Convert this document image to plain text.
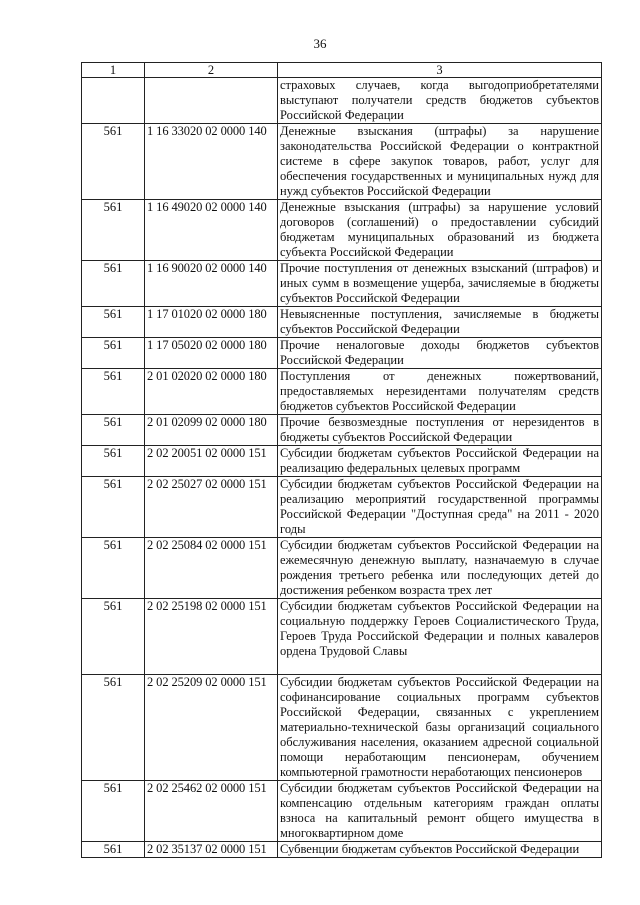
36
1	2	3
		страховых случаев, когда выгодоприобретателями выступают получатели средств бюджетов субъектов Российской Федерации
561	1 16 33020 02 0000 140	Денежные взыскания (штрафы) за нарушение законодательства Российской Федерации о контрактной системе в сфере закупок товаров, работ, услуг для обеспечения государственных и муниципальных нужд для нужд субъектов Российской Федерации
561	1 16 49020 02 0000 140	Денежные взыскания (штрафы) за нарушение условий договоров (соглашений) о предоставлении субсидий бюджетам муниципальных образований из бюджета субъекта Российской Федерации
561	1 16 90020 02 0000 140	Прочие поступления от денежных взысканий (штрафов) и иных сумм в возмещение ущерба, зачисляемые в бюджеты субъектов Российской Федерации
561	1 17 01020 02 0000 180	Невыясненные поступления, зачисляемые в бюджеты субъектов Российской Федерации
561	1 17 05020 02 0000 180	Прочие неналоговые доходы бюджетов субъектов Российской Федерации
561	2 01 02020 02 0000 180	Поступления от денежных пожертвований, предоставляемых нерезидентами получателям средств бюджетов субъектов Российской Федерации
561	2 01 02099 02 0000 180	Прочие безвозмездные поступления от нерезидентов в бюджеты субъектов Российской Федерации
561	2 02 20051 02 0000 151	Субсидии бюджетам субъектов Российской Федерации на реализацию федеральных целевых программ
561	2 02 25027 02 0000 151	Субсидии бюджетам субъектов Российской Федерации на реализацию мероприятий государственной программы Российской Федерации "Доступная среда" на 2011 - 2020 годы
561	2 02 25084 02 0000 151	Субсидии бюджетам субъектов Российской Федерации на ежемесячную денежную выплату, назначаемую в случае рождения третьего ребенка или последующих детей до достижения ребенком возраста трех лет
561	2 02 25198 02 0000 151	Субсидии бюджетам субъектов Российской Федерации на социальную поддержку Героев Социалистического Труда, Героев Труда Российской Федерации и полных кавалеров ордена Трудовой Славы
561	2 02 25209 02 0000 151	Субсидии бюджетам субъектов Российской Федерации на софинансирование социальных программ субъектов Российской Федерации, связанных с укреплением материально-технической базы организаций социального обслуживания населения, оказанием адресной социальной помощи неработающим пенсионерам, обучением компьютерной грамотности неработающих пенсионеров
561	2 02 25462 02 0000 151	Субсидии бюджетам субъектов Российской Федерации на компенсацию отдельным категориям граждан оплаты взноса на капитальный ремонт общего имущества в многоквартирном доме
561	2 02 35137 02 0000 151	Субвенции бюджетам субъектов Российской Федерации
